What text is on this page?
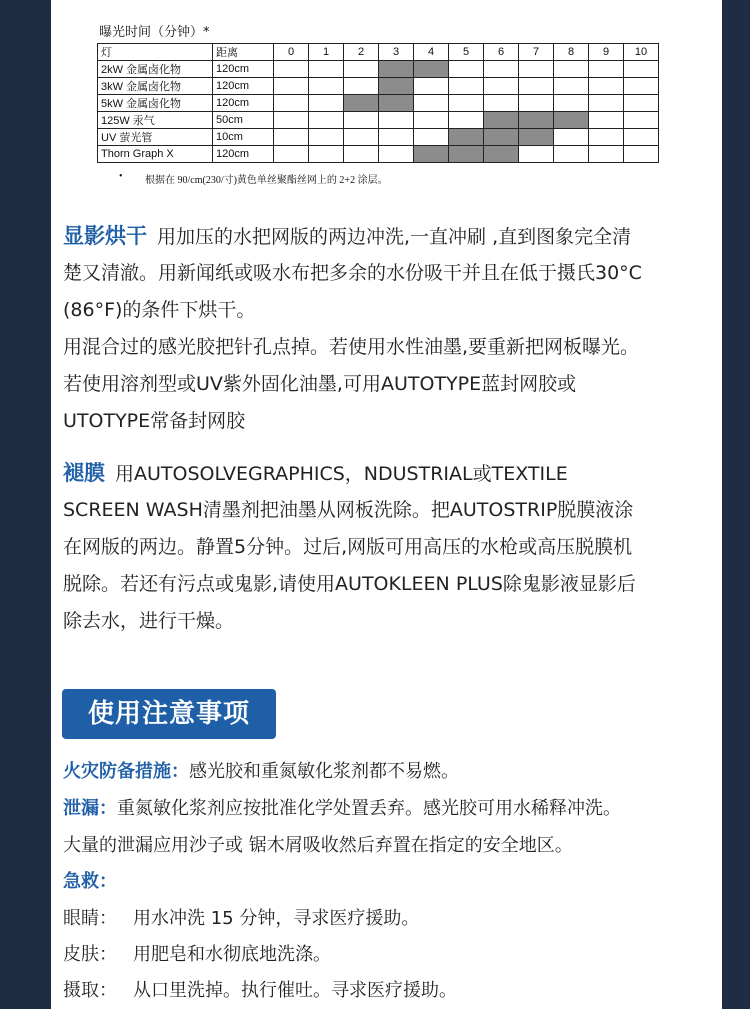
曝光时间（分钟）*
灯	距离	0	1	2	3	4	5	6	7	8	9	10
2kW 金属卤化物	120cm											
3kW 金属卤化物	120cm											
5kW 金属卤化物	120cm											
125W 汞气	50cm											
UV 萤光管	10cm											
Thorn Graph X	120cm											
• 根据在 90/cm(230/寸)黄色单丝聚酯丝网上的 2+2 涂层。
显影烘干 用加压的水把网版的两边冲洗,一直冲刷 ,直到图象完全清
楚又清澈。用新闻纸或吸水布把多余的水份吸干并且在低于摄氏30°C
(86°F)的条件下烘干。
用混合过的感光胶把针孔点掉。若使用水性油墨,要重新把网板曝光。
若使用溶剂型或UV紫外固化油墨,可用AUTOTYPE蓝封网胶或
UTOTYPE常备封网胶
褪膜 用AUTOSOLVEGRAPHICS，NDUSTRIAL或TEXTILE
SCREEN WASH清墨剂把油墨从网板洗除。把AUTOSTRIP脱膜液涂
在网版的两边。静置5分钟。过后,网版可用高压的水枪或高压脱膜机
脱除。若还有污点或鬼影,请使用AUTOKLEEN PLUS除鬼影液显影后
除去水，进行干燥。
使用注意事项
火灾防备措施：感光胶和重氮敏化浆剂都不易燃。
泄漏：重氮敏化浆剂应按批准化学处置丢弃。感光胶可用水稀释冲洗。
大量的泄漏应用沙子或 锯木屑吸收然后弃置在指定的安全地区。
急救：
眼睛： 用水冲洗 15 分钟，寻求医疗援助。
皮肤： 用肥皂和水彻底地洗涤。
摄取： 从口里洗掉。执行催吐。寻求医疗援助。
